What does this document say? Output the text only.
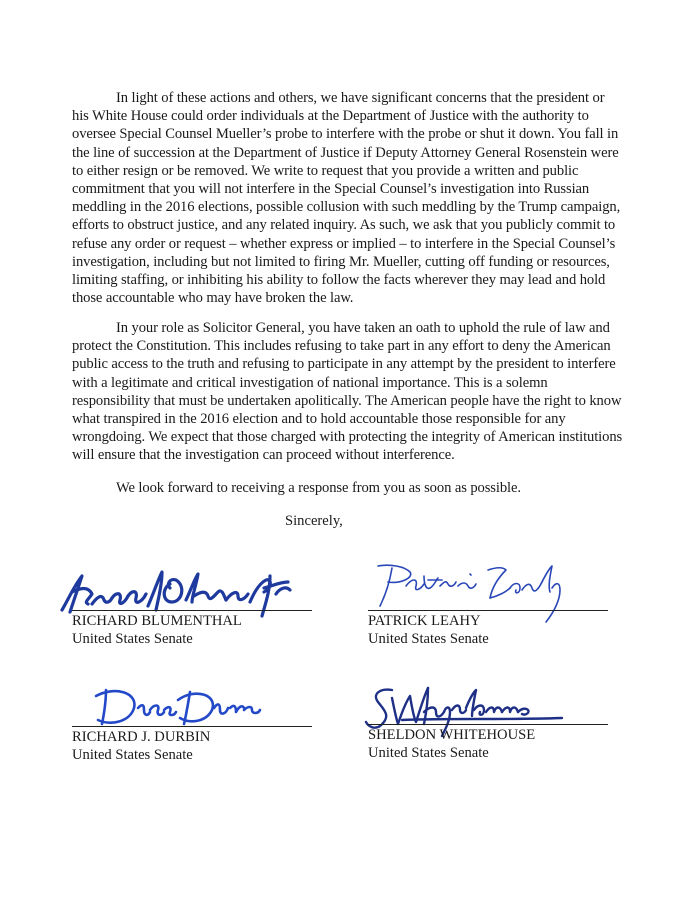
In light of these actions and others, we have significant concerns that the president or his White House could order individuals at the Department of Justice with the authority to oversee Special Counsel Mueller’s probe to interfere with the probe or shut it down. You fall in the line of succession at the Department of Justice if Deputy Attorney General Rosenstein were to either resign or be removed. We write to request that you provide a written and public commitment that you will not interfere in the Special Counsel’s investigation into Russian meddling in the 2016 elections, possible collusion with such meddling by the Trump campaign, efforts to obstruct justice, and any related inquiry. As such, we ask that you publicly commit to refuse any order or request – whether express or implied – to interfere in the Special Counsel’s investigation, including but not limited to firing Mr. Mueller, cutting off funding or resources, limiting staffing, or inhibiting his ability to follow the facts wherever they may lead and hold those accountable who may have broken the law.

In your role as Solicitor General, you have taken an oath to uphold the rule of law and protect the Constitution. This includes refusing to take part in any effort to deny the American public access to the truth and refusing to participate in any attempt by the president to interfere with a legitimate and critical investigation of national importance. This is a solemn responsibility that must be undertaken apolitically. The American people have the right to know what transpired in the 2016 election and to hold accountable those responsible for any wrongdoing. We expect that those charged with protecting the integrity of American institutions will ensure that the investigation can proceed without interference.

We look forward to receiving a response from you as soon as possible.

Sincerely,
RICHARD BLUMENTHAL
United States Senate
PATRICK LEAHY
United States Senate
RICHARD J. DURBIN
United States Senate
SHELDON WHITEHOUSE
United States Senate
